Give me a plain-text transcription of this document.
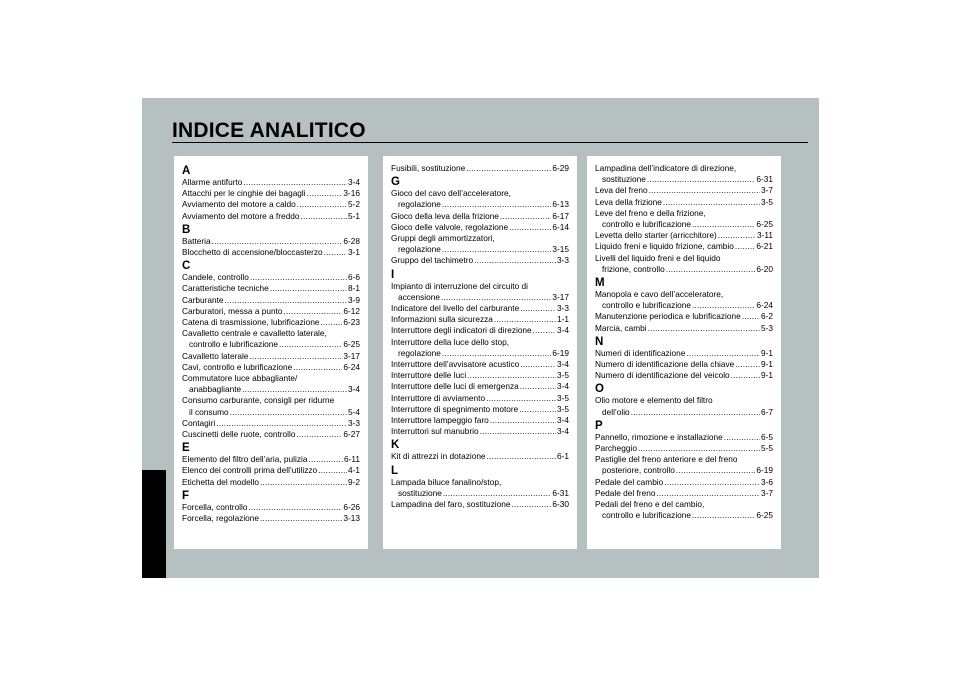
INDICE ANALITICO
A
Allarme antifurto .....	3-4
Attacchi per le cinghie dei bagagli .....	3-16
Avviamento del motore a caldo .....	5-2
Avviamento del motore a freddo .....	5-1
B
Batteria .....	6-28
Blocchetto di accensione/bloccasterzo .....	3-1
C
Candele, controllo .....	6-6
Caratteristiche tecniche .....	8-1
Carburante .....	3-9
Carburatori, messa a punto .....	6-12
Catena di trasmissione, lubrificazione .....	6-23
Cavalletto centrale e cavalletto laterale,
controllo e lubrificazione .....	6-25
Cavalletto laterale .....	3-17
Cavi, controllo e lubrificazione .....	6-24
Commutatore luce abbagliante/
anabbagliante .....	3-4
Consumo carburante, consigli per ridurne
il consumo .....	5-4
Contagiri .....	3-3
Cuscinetti delle ruote, controllo .....	6-27
E
Elemento del filtro dell’aria, pulizia .....	6-11
Elenco dei controlli prima dell’utilizzo .....	4-1
Etichetta del modello .....	9-2
F
Forcella, controllo .....	6-26
Forcella, regolazione .....	3-13
Fusibili, sostituzione .....	6-29
G
Gioco del cavo dell’acceleratore,
regolazione .....	6-13
Gioco della leva della frizione .....	6-17
Gioco delle valvole, regolazione .....	6-14
Gruppi degli ammortizzatori,
regolazione .....	3-15
Gruppo del tachimetro .....	3-3
I
Impianto di interruzione del circuito di
accensione .....	3-17
Indicatore del livello del carburante .....	3-3
Informazioni sulla sicurezza .....	1-1
Interruttore degli indicatori di direzione .....	3-4
Interruttore della luce dello stop,
regolazione .....	6-19
Interruttore dell’avvisatore acustico .....	3-4
Interruttore delle luci .....	3-5
Interruttore delle luci di emergenza .....	3-4
Interruttore di avviamento .....	3-5
Interruttore di spegnimento motore .....	3-5
Interruttore lampeggio faro .....	3-4
Interruttori sul manubrio .....	3-4
K
Kit di attrezzi in dotazione .....	6-1
L
Lampada biluce fanalino/stop,
sostituzione .....	6-31
Lampadina del faro, sostituzione .....	6-30
Lampadina dell’indicatore di direzione,
sostituzione .....	6-31
Leva del freno .....	3-7
Leva della frizione .....	3-5
Leve del freno e della frizione,
controllo e lubrificazione .....	6-25
Levetta dello starter (arricchitore) .....	3-11
Liquido freni e liquido frizione, cambio .....	6-21
Livelli del liquido freni e del liquido
frizione, controllo .....	6-20
M
Manopola e cavo dell’acceleratore,
controllo e lubrificazione .....	6-24
Manutenzione periodica e lubrificazione ..... 6-2
Marcia, cambi .....	5-3
N
Numeri di identificazione .....	9-1
Numero di identificazione della chiave .....	9-1
Numero di identificazione del veicolo .....	9-1
O
Olio motore e elemento del filtro
dell’olio .....	6-7
P
Pannello, rimozione e installazione .....	6-5
Parcheggio .....	5-5
Pastiglie del freno anteriore e del freno
posteriore, controllo .....	6-19
Pedale del cambio .....	3-6
Pedale del freno .....	3-7
Pedali del freno e del cambio,
controllo e lubrificazione .....	6-25
